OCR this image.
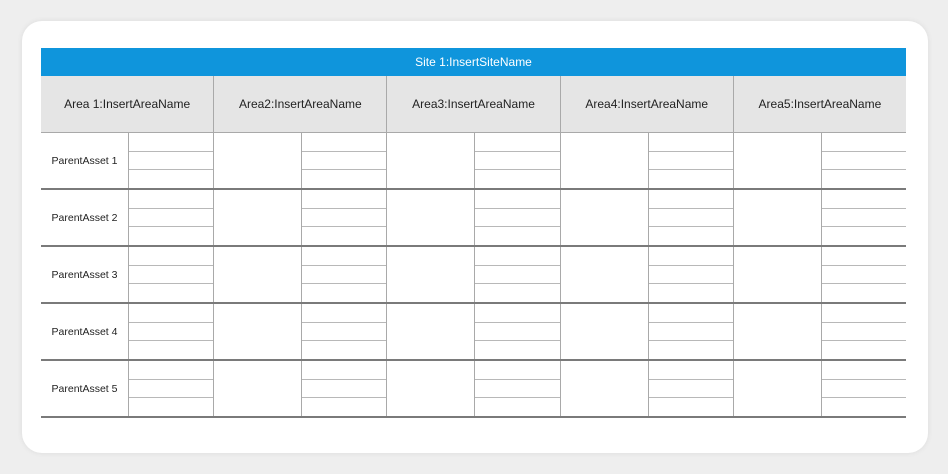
Site 1:InsertSiteName
Area 1:InsertAreaName	Area2:InsertAreaName	Area3:InsertAreaName	Area4:InsertAreaName	Area5:InsertAreaName
ParentAsset 1
ParentAsset 2
ParentAsset 3
ParentAsset 4
ParentAsset 5
